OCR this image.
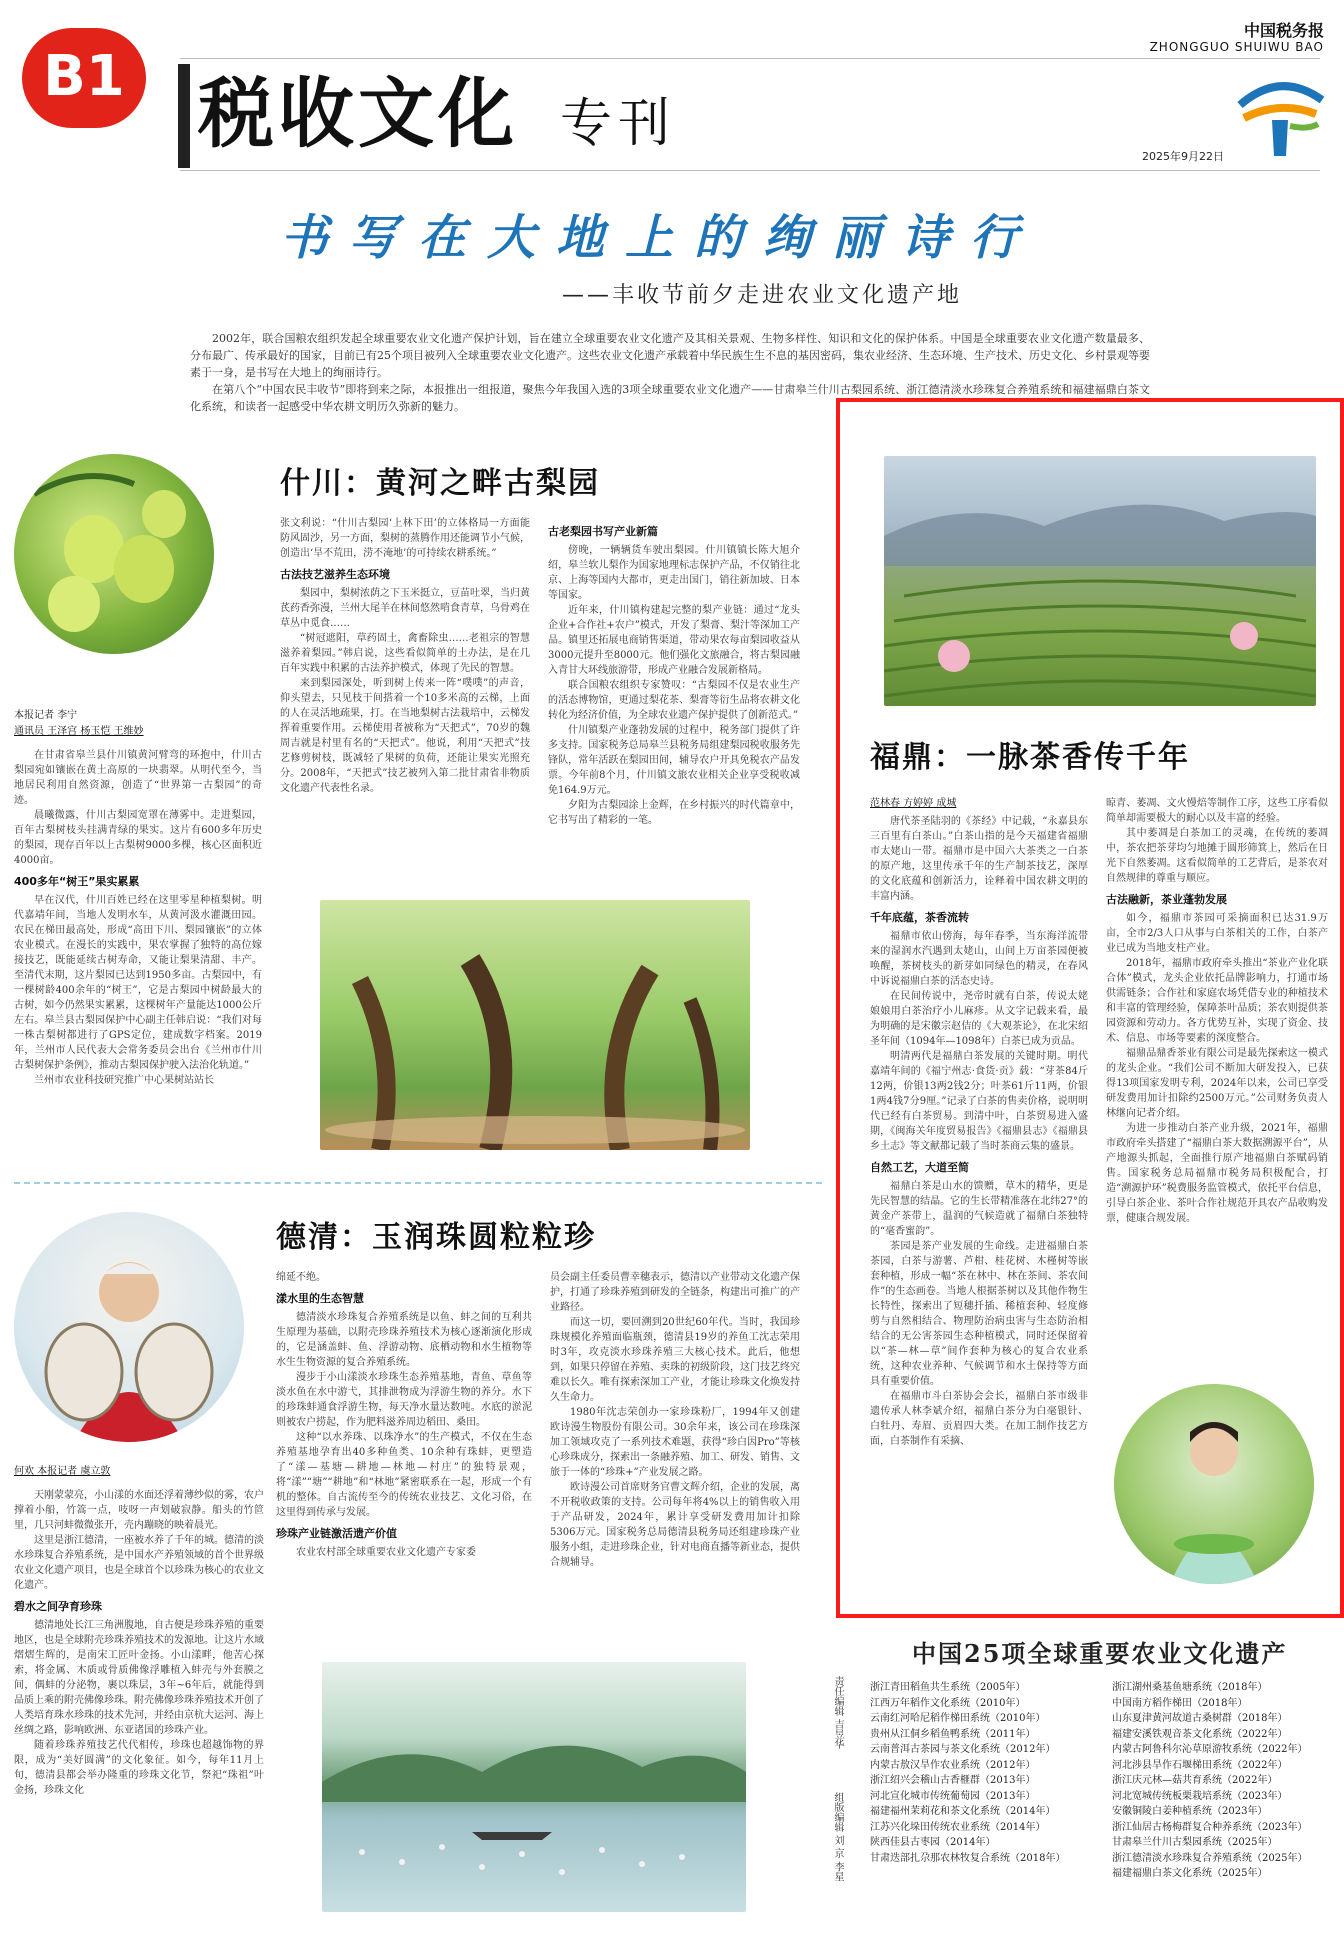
B1 税收文化 专刊
中国税务报
ZHONGGUO SHUIWU BAO
2025年9月22日
书写在大地上的绚丽诗行
——丰收节前夕走进农业文化遗产地

2002年，联合国粮农组织发起全球重要农业文化遗产保护计划，旨在建立全球重要农业文化遗产及其相关景观、生物多样性、知识和文化的保护体系。中国是全球重要农业文化遗产数量最多、分布最广、传承最好的国家，目前已有25个项目被列入全球重要农业文化遗产。这些农业文化遗产承载着中华民族生生不息的基因密码，集农业经济、生态环境、生产技术、历史文化、乡村景观等要素于一身，是书写在大地上的绚丽诗行。

在第八个“中国农民丰收节”即将到来之际，本报推出一组报道，聚焦今年我国入选的3项全球重要农业文化遗产——甘肃皋兰什川古梨园系统、浙江德清淡水珍珠复合养殖系统和福建福鼎白茶文化系统，和读者一起感受中华农耕文明历久弥新的魅力。

什川：黄河之畔古梨园
本报记者 李宁
通讯员 王泽宫 杨玉恺 王维妙

在甘肃省皋兰县什川镇黄河臂弯的环抱中，什川古梨园宛如镶嵌在黄土高原的一块翡翠。从明代至今，当地居民利用自然资源，创造了“世界第一古梨园”的奇迹。

晨曦微露，什川古梨园宽罩在薄雾中。走进梨园，百年古梨树枝头挂满青绿的果实。这片有600多年历史的梨园，现存百年以上古梨树9000多棵，核心区面积近4000亩。

400多年“树王”果实累累

早在汉代，什川百姓已经在这里零星种植梨树。明代嘉靖年间，当地人发明水车，从黄河汲水灌溉田园。农民在梯田最高处，形成“高田下川、梨园镶嵌”的立体农业模式。在漫长的实践中，果农掌握了独特的高位嫁接技艺，既能延续古树寿命，又能让梨果清甜、丰产。至清代末期，这片梨园已达到1950多亩。古梨园中，有一棵树龄400余年的“树王”，它是古梨园中树龄最大的古树，如今仍然果实累累，这棵树年产量能达1000公斤左右。皋兰县古梨园保护中心副主任韩启说：“我们对每一株古梨树都进行了GPS定位，建成数字档案。2019年，兰州市人民代表大会常务委员会出台《兰州市什川古梨树保护条例》，推动古梨园保护驶入法治化轨道。”

兰州市农业科技研究推广中心果树站站长

张文利说：“什川古梨园‘上林下田’的立体格局一方面能防风固沙，另一方面，梨树的蒸腾作用还能调节小气候，创造出‘旱不荒田，涝不淹地’的可持续农耕系统。”

古法技艺滋养生态环境

梨园中，梨树浓荫之下玉米挺立，豆苗吐翠，当归黄芪药香弥漫，兰州大尾羊在林间悠然啃食青草，乌骨鸡在草丛中觅食……

“树冠遮阳，草药固土，禽畜除虫……老祖宗的智慧滋养着梨园。”韩启说，这些看似简单的土办法，是在几百年实践中积累的古法养护模式，体现了先民的智慧。

来到梨园深处，听到树上传来一阵“噗噗”的声音，仰头望去，只见枝干间搭着一个10多米高的云梯，上面的人在灵活地疏果，打。在当地梨树古法栽培中，云梯发挥着重要作用。云梯使用者被称为“天把式”，70岁的魏周吉就是村里有名的“天把式”。他说，利用“天把式”技艺修剪树枝，既减轻了果树的负荷，还能让果实光照充分。2008年，“天把式”技艺被列入第二批甘肃省非物质文化遗产代表性名录。

古老梨园书写产业新篇

傍晚，一辆辆货车驶出梨园。什川镇镇长陈大旭介绍，皋兰软儿梨作为国家地理标志保护产品，不仅销往北京、上海等国内大都市，更走出国门，销往新加坡、日本等国家。

近年来，什川镇构建起完整的梨产业链：通过“龙头企业+合作社+农户”模式，开发了梨膏、梨汁等深加工产品。镇里还拓展电商销售渠道，带动果农每亩梨园收益从3000元提升至8000元。他们强化文旅融合，将古梨园融入青甘大环线旅游带，形成产业融合发展新格局。

联合国粮农组织专家赞叹：“古梨园不仅是农业生产的活态博物馆，更通过梨花茶、梨膏等衍生品将农耕文化转化为经济价值，为全球农业遗产保护提供了创新范式。”

什川镇梨产业蓬勃发展的过程中，税务部门提供了许多支持。国家税务总局皋兰县税务局组建梨园税收服务先锋队，常年活跃在梨园田间，辅导农户开具免税农产品发票。今年前8个月，什川镇文旅农业相关企业享受税收减免164.9万元。

夕阳为古梨园涂上金辉，在乡村振兴的时代篇章中，它书写出了精彩的一笔。

德清：玉润珠圆粒粒珍
何欢 本报记者 虞立敦

天刚蒙蒙亮，小山漾的水面还浮着薄纱似的雾，农户撑着小船，竹篙一点，吱呀一声划破寂静。船头的竹笸里，几只河蚌微微张开，壳内蹦晓的映着晨光。

这里是浙江德清，一座被水养了千年的城。德清的淡水珍珠复合养殖系统，是中国水产养殖领域的首个世界级农业文化遗产项目，也是全球首个以珍珠为核心的农业文化遗产。

碧水之间孕育珍珠

德清地处长江三角洲腹地，自古便是珍珠养殖的重要地区，也是全球附壳珍珠养殖技术的发源地。让这片水域熠熠生辉的，是南宋工匠叶金扬。小山漾畔，他苦心探索，将金属、木质或骨质佛像浮雕植入蚌壳与外套膜之间，偶蚌的分泌物，裹以珠层，3年~6年后，就能得到品质上乘的附壳佛像珍珠。附壳佛像珍珠养殖技术开创了人类培育珠水珍珠的技术先河，并经由京杭大运河、海上丝绸之路，影响欧洲、东亚诸国的珍珠产业。

随着珍珠养殖技艺代代相传，珍珠也超越饰物的界限，成为“美好圆满”的文化象征。如今，每年11月上旬，德清县都会举办隆重的珍珠文化节，祭祀“珠祖”叶金扬，珍珠文化

绵延不绝。

漾水里的生态智慧

德清淡水珍珠复合养殖系统是以鱼、蚌之间的互利共生原理为基础，以附壳珍珠养殖技术为核心逐渐演化形成的，它是涵盖蚌、鱼、浮游动物、底栖动物和水生植物等水生生物资源的复合养殖系统。

漫步于小山漾淡水珍珠生态养殖基地，青鱼、草鱼等淡水鱼在水中游弋，其排泄物成为浮游生物的养分。水下的珍珠蚌通食浮游生物，每天净水量达数吨。水底的淤泥则被农户捞起，作为肥料滋养周边稻田、桑田。

这种“以水养珠、以珠净水”的生产模式，不仅在生态养殖基地孕育出40多种鱼类、10余种有珠蚌，更塑造了“漾—基塘—耕地—林地—村庄”的独特景观，将“漾”“塘”“耕地”和“林地”紧密联系在一起，形成一个有机的整体。自古流传至今的传统农业技艺、文化习俗，在这里得到传承与发展。

珍珠产业链激活遗产价值

农业农村部全球重要农业文化遗产专家委

员会副主任委员曹幸穗表示，德清以产业带动文化遗产保护，打通了珍珠养殖到研发的全链条，构建出可推广的产业路径。

而这一切，要回溯到20世纪60年代。当时，我国珍珠规模化养殖面临瓶颈，德清县19岁的养鱼工沈志荣用时3年，攻克淡水珍珠养殖三大核心技术。此后，他想到，如果只停留在养殖、卖珠的初级阶段，这门技艺终究难以长久。唯有探索深加工产业，才能让珍珠文化焕发持久生命力。

1980年沈志荣创办一家珍珠粉厂，1994年又创建欧诗漫生物股份有限公司。30余年来，该公司在珍珠深加工领域攻克了一系列技术难题，获得“珍白因Pro”等核心珍珠成分，探索出一条融养殖、加工、研发、销售、文旅于一体的“珍珠+”产业发展之路。

欧诗漫公司首席财务官曹文辉介绍，企业的发展，离不开税收政策的支持。公司每年将4%以上的销售收入用于产品研发，2024年，累计享受研发费用加计扣除5306万元。国家税务总局德清县税务局还组建珍珠产业服务小组，走进珍珠企业，针对电商直播等新业态，提供合规辅导。

福鼎：一脉茶香传千年
范林春 方婷婷 成城

唐代茶圣陆羽的《茶经》中记载，“永嘉县东三百里有白茶山。”白茶山指的是今天福建省福鼎市太姥山一带。福鼎市是中国六大茶类之一白茶的原产地，这里传承千年的生产制茶技艺，深厚的文化底蕴和创新活力，诠释着中国农耕文明的丰富内涵。

千年底蕴，茶香流转

福鼎市依山傍海，每年春季，当东海洋流带来的湿润水汽遇到太姥山，山间上万亩茶园便被唤醒，茶树枝头的新芽如同绿色的精灵，在春风中诉说福鼎白茶的活态史诗。

在民间传说中，尧帝时就有白茶，传说太姥娘娘用白茶治疗小儿麻疹。从文字记载来看，最为明确的是宋徽宗赵佶的《大观茶论》，在北宋绍圣年间（1094年—1098年）白茶已成为贡品。

明清两代是福鼎白茶发展的关键时期。明代嘉靖年间的《福宁州志·食货·贡》载：“芽茶84斤12两，价银13两2钱2分；叶茶61斤11两，价银1两4钱7分9厘。”记录了白茶的售卖价格，说明明代已经有白茶贸易。到清中叶，白茶贸易进入盛期，《闽海关年度贸易报告》《福鼎县志》《福鼎县乡土志》等文献都记载了当时茶商云集的盛景。

自然工艺，大道至简

福鼎白茶是山水的馈赠，草木的精华，更是先民智慧的结晶。它的生长带精准落在北纬27°的黄金产茶带上，温润的气候造就了福鼎白茶独特的“毫香蜜韵”。

茶园是茶产业发展的生命线。走进福鼎白茶茶园，白茶与游薯、芦柑、桂花树、木槿树等嵌套种植，形成一幅“茶在林中、林在茶间、茶农间作”的生态画卷。当地人根据茶树以及其他作物生长特性，探索出了短穗扦插、稀植套种、轻度修剪与自然相结合、物理防治病虫害与生态防治相结合的无公害茶园生态种植模式，同时还保留着以“茶—林—草”间作套种为核心的复合农业系统，这种农业养种、气候调节和水土保持等方面具有重要价值。

在福鼎市斗白茶协会会长，福鼎白茶市级非遗传承人林李斌介绍，福鼎白茶分为白毫银针、白牡丹、寿眉、贡眉四大类。在加工制作技艺方面，白茶制作有采摘、

晾青、萎凋、文火慢焙等制作工序，这些工序看似简单却需要极大的耐心以及丰富的经验。

其中萎凋是白茶加工的灵魂，在传统的萎凋中，茶农把茶芽均匀地摊于圆形筛箕上，然后在日光下自然萎凋。这看似简单的工艺背后，是茶农对自然规律的尊重与顺应。

古法融新，茶业蓬勃发展

如今，福鼎市茶园可采摘面积已达31.9万亩，全市2/3人口从事与白茶相关的工作，白茶产业已成为当地支柱产业。

2018年，福鼎市政府牵头推出“茶业产业化联合体”模式，龙头企业依托品牌影响力，打通市场供需链条；合作社和家庭农场凭借专业的种植技术和丰富的管理经验，保障茶叶品质；茶农则提供茶园资源和劳动力。各方优势互补，实现了资金、技术、信息、市场等要素的深度整合。

福鼎品鼎香茶业有限公司是最先探索这一模式的龙头企业。“我们公司不断加大研发投入，已获得13项国家发明专利，2024年以来，公司已享受研发费用加计扣除约2500万元。”公司财务负责人林继向记者介绍。

为进一步推动白茶产业升级，2021年，福鼎市政府牵头搭建了“福鼎白茶大数据溯源平台”，从产地源头抓起，全面推行原产地福鼎白茶赋码销售。国家税务总局福鼎市税务局积极配合，打造“溯源护环”税费服务监管模式，依托平台信息，引导白茶企业、茶叶合作社规范开具农产品收购发票，健康合规发展。

中国25项全球重要农业文化遗产
浙江青田稻鱼共生系统（2005年）
江西万年稻作文化系统（2010年）
云南红河哈尼稻作梯田系统（2010年）
贵州从江侗乡稻鱼鸭系统（2011年）
云南普洱古茶园与茶文化系统（2012年）
内蒙古敖汉旱作农业系统（2012年）
浙江绍兴会稽山古香榧群（2013年）
河北宣化城市传统葡萄园（2013年）
福建福州茉莉花和茶文化系统（2014年）
江苏兴化垛田传统农业系统（2014年）
陕西佳县古枣园（2014年）
甘肃迭部扎尕那农林牧复合系统（2018年）
浙江湖州桑基鱼塘系统（2018年）
中国南方稻作梯田（2018年）
山东夏津黄河故道古桑树群（2018年）
福建安溪铁观音茶文化系统（2022年）
内蒙古阿鲁科尔沁草原游牧系统（2022年）
河北涉县旱作石堰梯田系统（2022年）
浙江庆元林—菇共育系统（2022年）
河北宽城传统板栗栽培系统（2023年）
安徽铜陵白姜种植系统（2023年）
浙江仙居古杨梅群复合种养系统（2023年）
甘肃皋兰什川古梨园系统（2025年）
浙江德清淡水珍珠复合养殖系统（2025年）
福建福鼎白茶文化系统（2025年）
责任编辑 吉昱华
组版编辑 刘 京 李星
